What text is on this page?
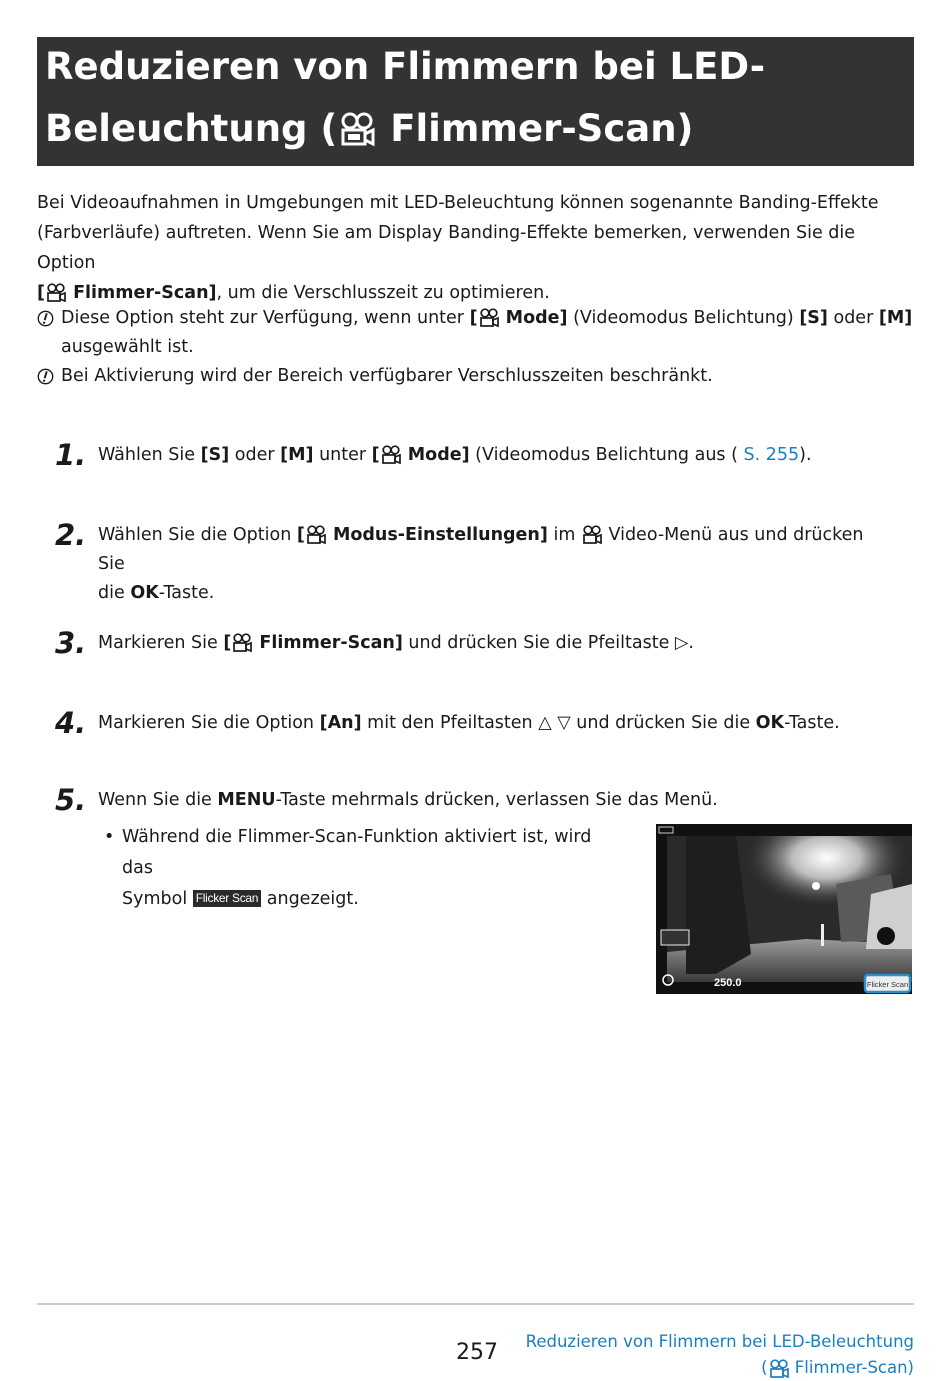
Reduzieren von Flimmern bei LED-
Beleuchtung ( Flimmer-Scan)
Bei Videoaufnahmen in Umgebungen mit LED-Beleuchtung können sogenannte Banding-Effekte
(Farbverläufe) auftreten. Wenn Sie am Display Banding-Effekte bemerken, verwenden Sie die Option
[ Flimmer-Scan], um die Verschlusszeit zu optimieren.
Diese Option steht zur Verfügung, wenn unter [ Mode] (Videomodus Belichtung) [S] oder [M]
ausgewählt ist.
Bei Aktivierung wird der Bereich verfügbarer Verschlusszeiten beschränkt.
1. Wählen Sie [S] oder [M] unter [ Mode] (Videomodus Belichtung aus ( S. 255).
2. Wählen Sie die Option [ Modus-Einstellungen] im  Video-Menü aus und drücken Sie
die OK-Taste.
3. Markieren Sie [ Flimmer-Scan] und drücken Sie die Pfeiltaste ▷.
4. Markieren Sie die Option [An] mit den Pfeiltasten △ ▽ und drücken Sie die OK-Taste.
5. Wenn Sie die MENU-Taste mehrmals drücken, verlassen Sie das Menü.
• Während die Flimmer-Scan-Funktion aktiviert ist, wird das
Symbol Flicker Scan angezeigt.
250.0	Flicker Scan
257 Reduzieren von Flimmern bei LED-Beleuchtung
( Flimmer-Scan)
